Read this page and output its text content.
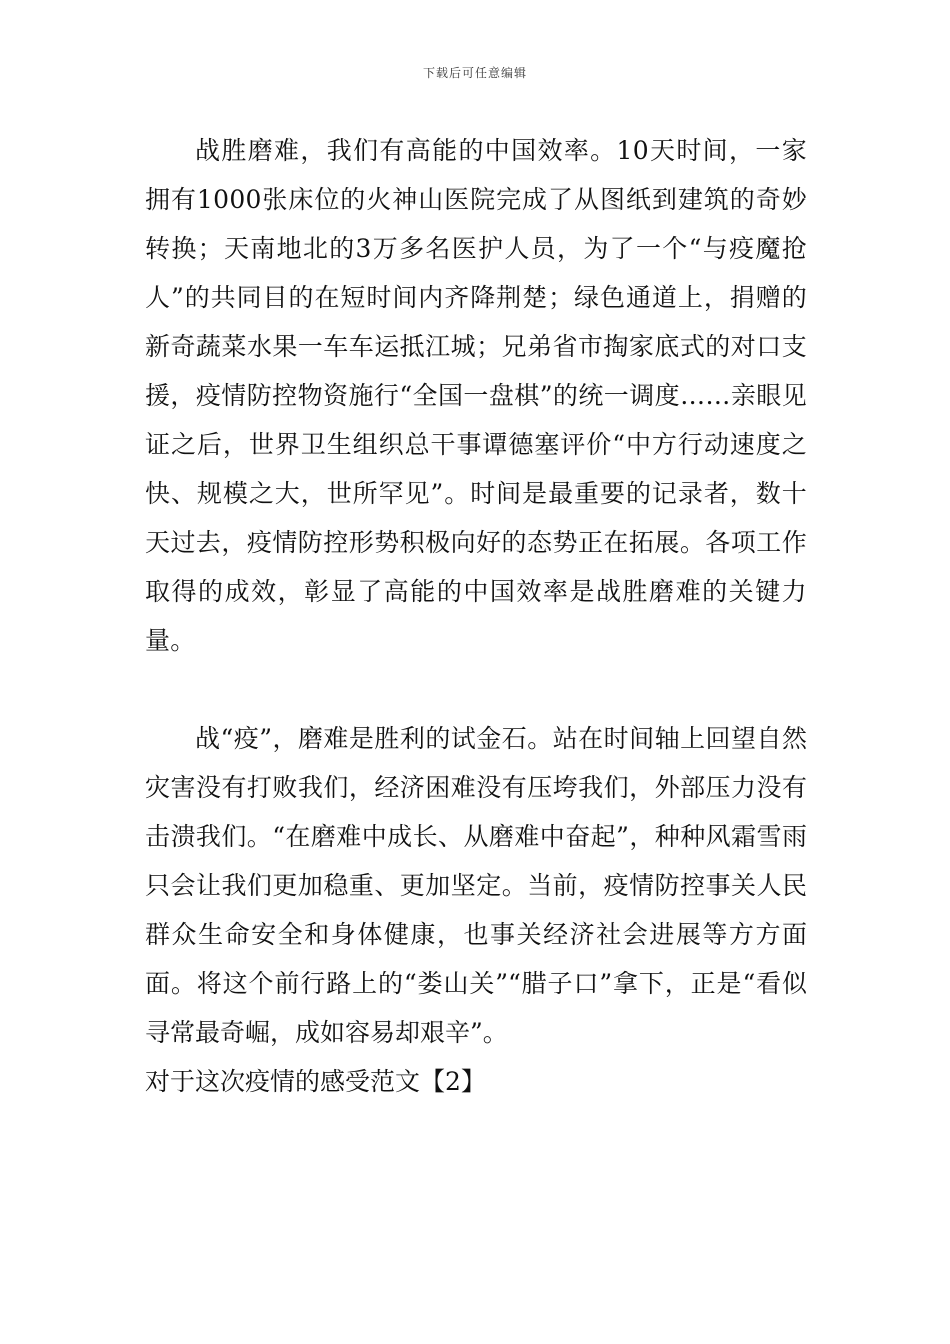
下载后可任意编辑

战胜磨难，我们有高能的中国效率。10天时间，一家拥有1000张床位的火神山医院完成了从图纸到建筑的奇妙转换；天南地北的3万多名医护人员，为了一个“与疫魔抢人”的共同目的在短时间内齐降荆楚；绿色通道上，捐赠的新奇蔬菜水果一车车运抵江城；兄弟省市掏家底式的对口支援，疫情防控物资施行“全国一盘棋”的统一调度……亲眼见证之后，世界卫生组织总干事谭德塞评价“中方行动速度之快、规模之大，世所罕见”。时间是最重要的记录者，数十天过去，疫情防控形势积极向好的态势正在拓展。各项工作取得的成效，彰显了高能的中国效率是战胜磨难的关键力量。

战“疫”，磨难是胜利的试金石。站在时间轴上回望自然灾害没有打败我们，经济困难没有压垮我们，外部压力没有击溃我们。“在磨难中成长、从磨难中奋起”，种种风霜雪雨只会让我们更加稳重、更加坚定。当前，疫情防控事关人民群众生命安全和身体健康，也事关经济社会进展等方方面面。将这个前行路上的“娄山关”“腊子口”拿下，正是“看似寻常最奇崛，成如容易却艰辛”。

对于这次疫情的感受范文【2】
